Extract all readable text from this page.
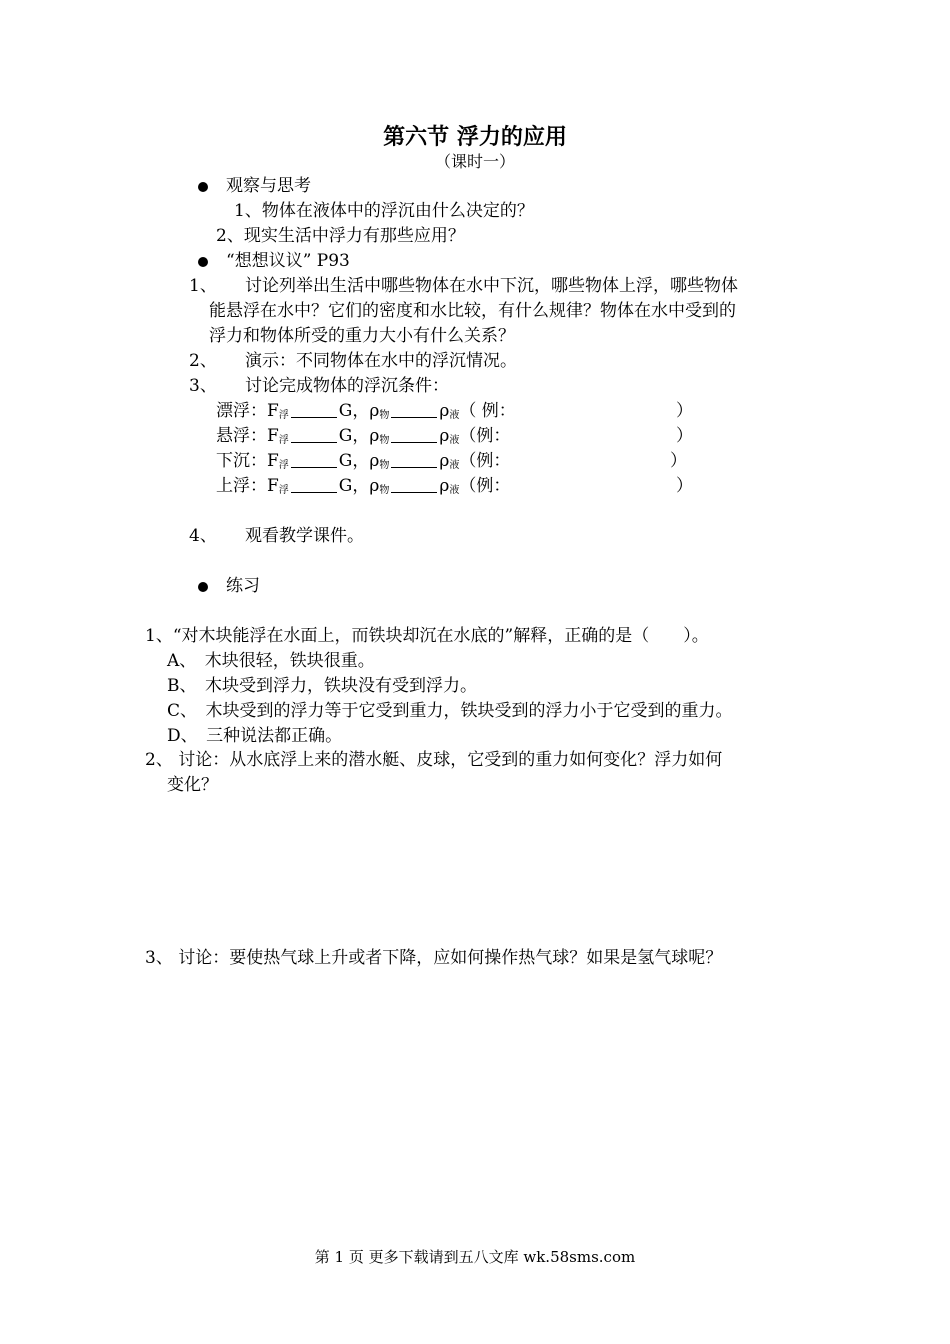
第六节 浮力的应用
（课时一）
观察与思考
1、物体在液体中的浮沉由什么决定的？
2、现实生活中浮力有那些应用？
“想想议议” P93
1、 讨论列举出生活中哪些物体在水中下沉，哪些物体上浮，哪些物体
能悬浮在水中？它们的密度和水比较，有什么规律？物体在水中受到的
浮力和物体所受的重力大小有什么关系？
2、 演示：不同物体在水中的浮沉情况。
3、 讨论完成物体的浮沉条件：
漂浮：$F_浮$	G，$\rho_物$	$\rho_液$（ 例：	）
悬浮：$F_浮$	G，$\rho_物$	$\rho_液$（例：	）
下沉：$F_浮$	G，$\rho_物$	$\rho_液$（例：	）
上浮：$F_浮$	G，$\rho_物$	$\rho_液$（例：	）
4、 观看教学课件。
练习
1、“对木块能浮在水面上，而铁块却沉在水底的”解释，正确的是（　　）。
A、　木块很轻，铁块很重。
B、　木块受到浮力，铁块没有受到浮力。
C、　木块受到的浮力等于它受到重力，铁块受到的浮力小于它受到的重力。
D、　三种说法都正确。
2、 讨论：从水底浮上来的潜水艇、皮球，它受到的重力如何变化？浮力如何
变化？
3、 讨论：要使热气球上升或者下降，应如何操作热气球？如果是氢气球呢？
第 1 页 更多下载请到五八文库 wk.58sms.com
